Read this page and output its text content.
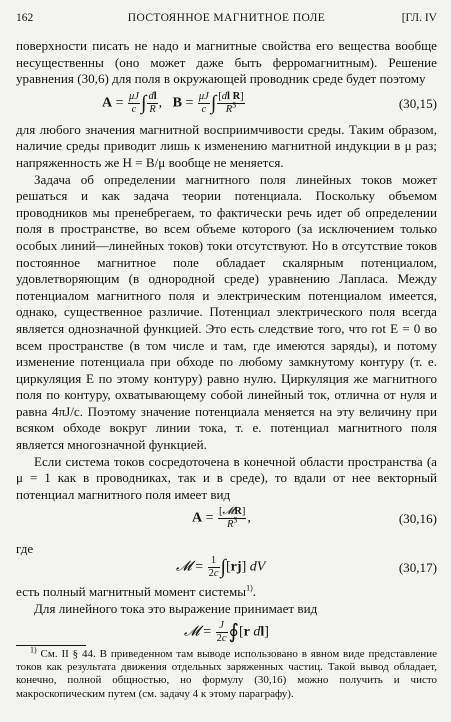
162	ПОСТОЯННОЕ МАГНИТНОЕ ПОЛЕ	[ГЛ. IV

поверхности писать не надо и магнитные свойства его вещества вообще несущественны (оно может даже быть ферромагнитным). Решение уравнения (30,6) для поля в окружающей проводник среде будет поэтому

$A = \frac{\mu J}{c}$ ∫ $\frac{dl}{R}$ ,   $B = \frac{\mu J}{c}$ ∫ $\frac{\text{[dl R]}}{R^3}$	(30,15)

для любого значения магнитной восприимчивости среды. Таким образом, наличие среды приводит лишь к изменению магнитной индукции в μ раз; напряженность же H = B/μ вообще не меняется.

Задача об определении магнитного поля линейных токов может решаться и как задача теории потенциала. Поскольку объемом проводников мы пренебрегаем, то фактически речь идет об определении поля в пространстве, во всем объеме которого (за исключением только особых линий—линейных токов) токи отсутствуют. Но в отсутствие токов постоянное магнитное поле обладает скалярным потенциалом, удовлетворяющим (в однородной среде) уравнению Лапласа. Между потенциалом магнитного поля и электрическим потенциалом имеется, однако, существенное различие. Потенциал электрического поля всегда является однозначной функцией. Это есть следствие того, что rot E = 0 во всем пространстве (в том числе и там, где имеются заряды), и потому изменение потенциала при обходе по любому замкнутому контуру (т. е. циркуляция E по этому контуру) равно нулю. Циркуляция же магнитного поля по контуру, охватывающему собой линейный ток, отлична от нуля и равна 4πJ/c. Поэтому значение потенциала меняется на эту величину при всяком обходе вокруг линии тока, т. е. потенциал магнитного поля является многозначной функцией.

Если система токов сосредоточена в конечной области пространства (а μ = 1 как в проводниках, так и в среде), то вдали от нее векторный потенциал магнитного поля имеет вид

A = [𝓜R]
$R^3$ ,	(30,16)

где

𝓜 = $\frac{1}{2c} \int[rj]$ dV	(30,17)

есть полный магнитный момент системы$^{1)}$.

Для линейного тока это выражение принимает вид

𝓜 = $\frac{J}{2c}$ ∮[r dl]

$^{1)}$ См. II § 44. В приведенном там выводе использовано в явном виде представление токов как результата движения отдельных заряженных частиц. Такой вывод обладает, конечно, полной общностью, но формулу (30,16) можно получить и чисто макроскопическим путем (см. задачу 4 к этому параграфу).
